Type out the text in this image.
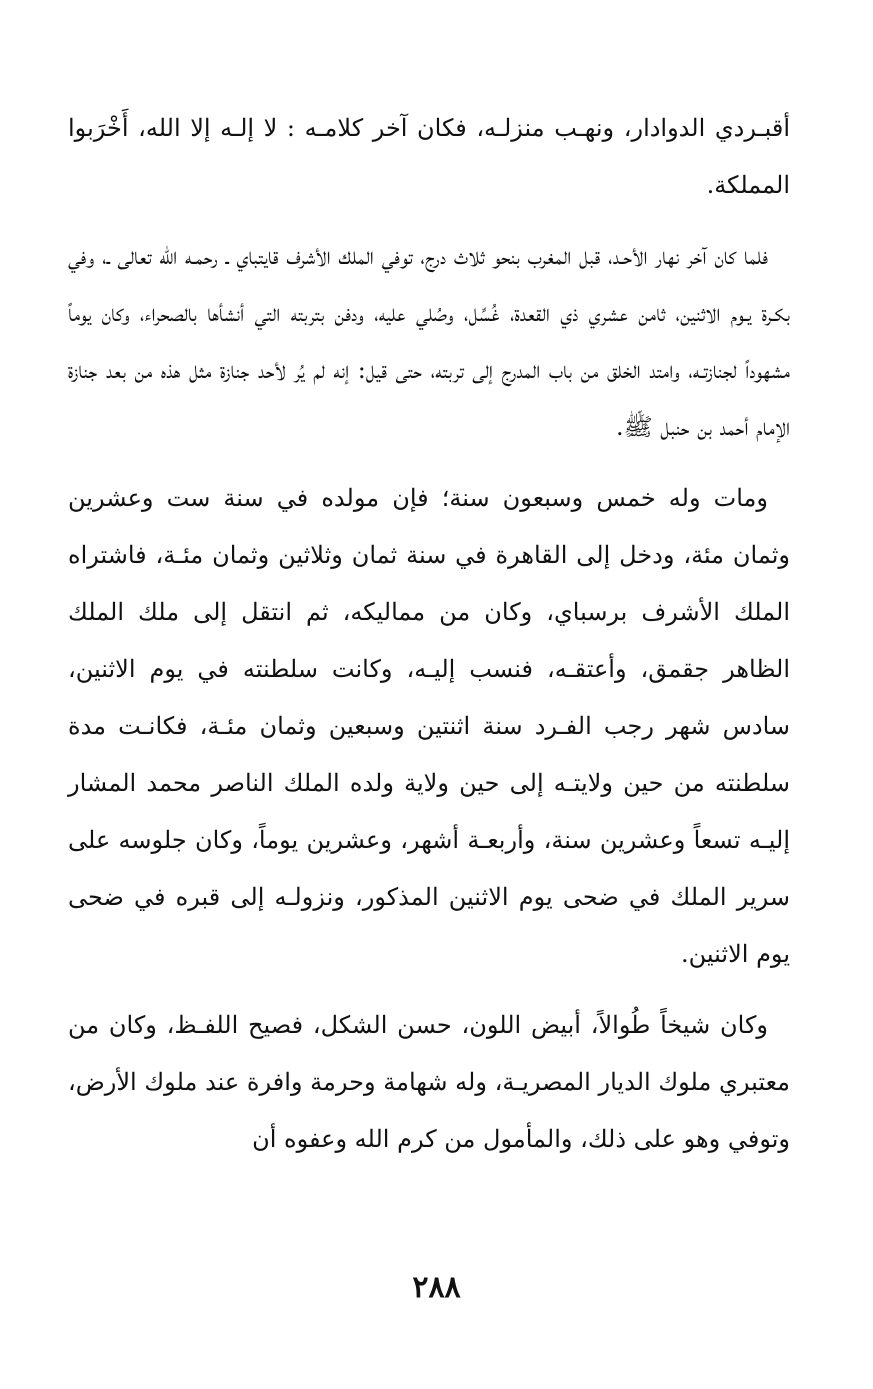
أقبـردي الدوادار، ونهـب منزلـه، فكان آخر كلامـه : لا إلـه إلا الله، أَخْرَبوا المملكة.

فلما كان آخر نهار الأحـد، قبل المغرب بنحو ثلاث درج، توفي الملك الأشرف قايتباي ـ رحمـه الله تعالى ـ، وفي بكـرة يـوم الاثنين، ثامن عشري ذي القعدة، غُسِّل، وصُلي عليه، ودفن بتربته التي أنشأها بالصحراء، وكان يوماً مشهوداً لجنازتـه، وامتد الخلق من باب المدرج إلى تربته، حتى قيل: إنه لم يُر لأحد جنازة مثل هذه من بعد جنازة الإمام أحمد بن حنبل ﷺ.

ومات وله خمس وسبعون سنة؛ فإن مولده في سنة ست وعشرين وثمان مئة، ودخل إلى القاهرة في سنة ثمان وثلاثين وثمان مئـة، فاشتراه الملك الأشرف برسباي، وكان من مماليكه، ثم انتقل إلى ملك الملك الظاهر جقمق، وأعتقـه، فنسب إليـه، وكانت سلطنته في يوم الاثنين، سادس شهر رجب الفـرد سنة اثنتين وسبعين وثمان مئـة، فكانـت مدة سلطنته من حين ولايتـه إلى حين ولاية ولده الملك الناصر محمد المشار إليـه تسعاً وعشرين سنة، وأربعـة أشهر، وعشرين يوماً، وكان جلوسه على سرير الملك في ضحى يوم الاثنين المذكور، ونزولـه إلى قبره في ضحى يوم الاثنين.

وكان شيخاً طُوالاً، أبيض اللون، حسن الشكل، فصيح اللفـظ، وكان من معتبري ملوك الديار المصريـة، وله شهامة وحرمة وافرة عند ملوك الأرض، وتوفي وهو على ذلك، والمأمول من كرم الله وعفوه أن

٢٨٨
